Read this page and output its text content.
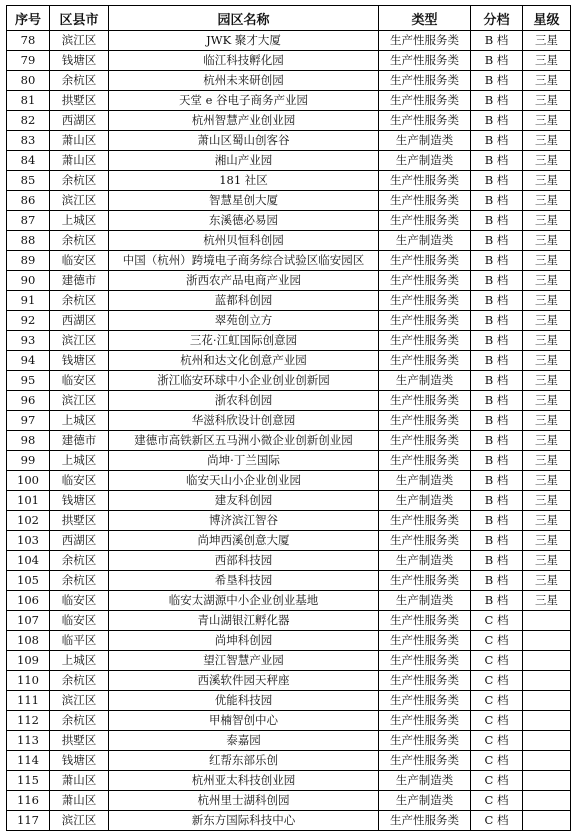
序号	区县市	园区名称	类型	分档	星级
78	滨江区	JWK 聚才大厦	生产性服务类	B 档	三星
79	钱塘区	临江科技孵化园	生产性服务类	B 档	三星
80	余杭区	杭州未来研创园	生产性服务类	B 档	三星
81	拱墅区	天堂 e 谷电子商务产业园	生产性服务类	B 档	三星
82	西湖区	杭州智慧产业创业园	生产性服务类	B 档	三星
83	萧山区	萧山区蜀山创客谷	生产制造类	B 档	三星
84	萧山区	湘山产业园	生产制造类	B 档	三星
85	余杭区	181 社区	生产性服务类	B 档	三星
86	滨江区	智慧星创大厦	生产性服务类	B 档	三星
87	上城区	东溪德必易园	生产性服务类	B 档	三星
88	余杭区	杭州贝恒科创园	生产制造类	B 档	三星
89	临安区	中国（杭州）跨境电子商务综合试验区临安园区	生产性服务类	B 档	三星
90	建德市	浙西农产品电商产业园	生产性服务类	B 档	三星
91	余杭区	蓝都科创园	生产性服务类	B 档	三星
92	西湖区	翠苑创立方	生产性服务类	B 档	三星
93	滨江区	三花·江虹国际创意园	生产性服务类	B 档	三星
94	钱塘区	杭州和达文化创意产业园	生产性服务类	B 档	三星
95	临安区	浙江临安环球中小企业创业创新园	生产制造类	B 档	三星
96	滨江区	浙农科创园	生产性服务类	B 档	三星
97	上城区	华滋科欣设计创意园	生产性服务类	B 档	三星
98	建德市	建德市高铁新区五马洲小微企业创新创业园	生产性服务类	B 档	三星
99	上城区	尚坤·丁兰国际	生产性服务类	B 档	三星
100	临安区	临安天山小企业创业园	生产制造类	B 档	三星
101	钱塘区	建友科创园	生产制造类	B 档	三星
102	拱墅区	博济滨江智谷	生产性服务类	B 档	三星
103	西湖区	尚坤西溪创意大厦	生产性服务类	B 档	三星
104	余杭区	西部科技园	生产制造类	B 档	三星
105	余杭区	希垦科技园	生产性服务类	B 档	三星
106	临安区	临安太湖源中小企业创业基地	生产制造类	B 档	三星
107	临安区	青山湖银江孵化器	生产性服务类	C 档	
108	临平区	尚坤科创园	生产性服务类	C 档	
109	上城区	望江智慧产业园	生产性服务类	C 档	
110	余杭区	西溪软件园天秤座	生产性服务类	C 档	
111	滨江区	优能科技园	生产性服务类	C 档	
112	余杭区	甲楠智创中心	生产性服务类	C 档	
113	拱墅区	泰嘉园	生产性服务类	C 档	
114	钱塘区	红帮东部乐创	生产性服务类	C 档	
115	萧山区	杭州亚太科技创业园	生产制造类	C 档	
116	萧山区	杭州里士湖科创园	生产制造类	C 档	
117	滨江区	新东方国际科技中心	生产性服务类	C 档	
